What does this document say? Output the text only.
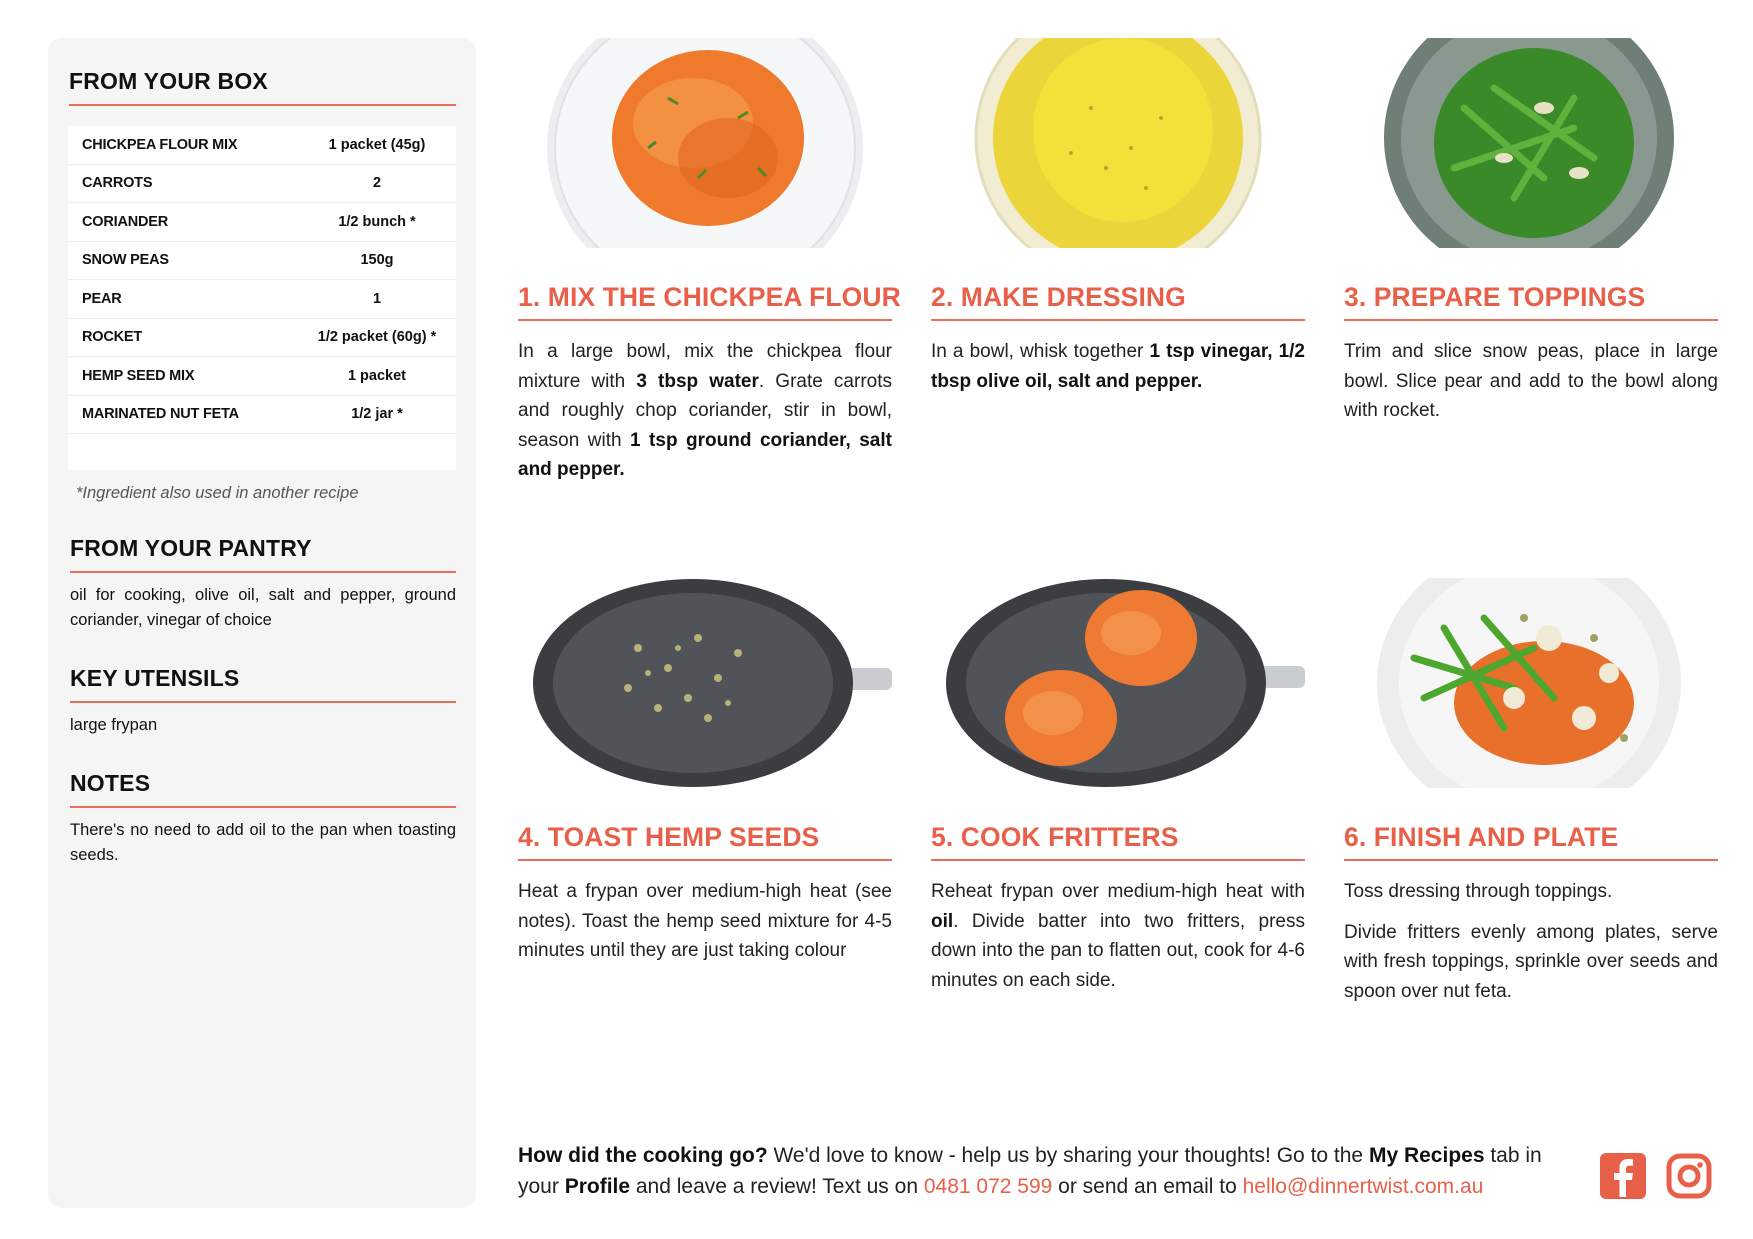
FROM YOUR BOX
CHICKPEA FLOUR MIX	1 packet (45g)
CARROTS	2
CORIANDER	1/2 bunch *
SNOW PEAS	150g
PEAR	1
ROCKET	1/2 packet (60g) *
HEMP SEED MIX	1 packet
MARINATED NUT FETA	1/2 jar *
*Ingredient also used in another recipe
FROM YOUR PANTRY
oil for cooking, olive oil, salt and pepper, ground coriander, vinegar of choice
KEY UTENSILS
large frypan
NOTES
There's no need to add oil to the pan when toasting seeds.
1. MIX THE CHICKPEA FLOUR

In a large bowl, mix the chickpea flour mixture with 3 tbsp water. Grate carrots and roughly chop coriander, stir in bowl, season with 1 tsp ground coriander, salt and pepper.

2. MAKE DRESSING

In a bowl, whisk together 1 tsp vinegar, 1/2 tbsp olive oil, salt and pepper.

3. PREPARE TOPPINGS

Trim and slice snow peas, place in large bowl. Slice pear and add to the bowl along with rocket.

4. TOAST HEMP SEEDS

Heat a frypan over medium-high heat (see notes). Toast the hemp seed mixture for 4-5 minutes until they are just taking colour

5. COOK FRITTERS

Reheat frypan over medium-high heat with oil. Divide batter into two fritters, press down into the pan to flatten out, cook for 4-6 minutes on each side.

6. FINISH AND PLATE

Toss dressing through toppings.

Divide fritters evenly among plates, serve with fresh toppings, sprinkle over seeds and spoon over nut feta.

How did the cooking go? We'd love to know - help us by sharing your thoughts! Go to the My Recipes tab in your Profile and leave a review! Text us on 0481 072 599 or send an email to hello@dinnertwist.com.au
